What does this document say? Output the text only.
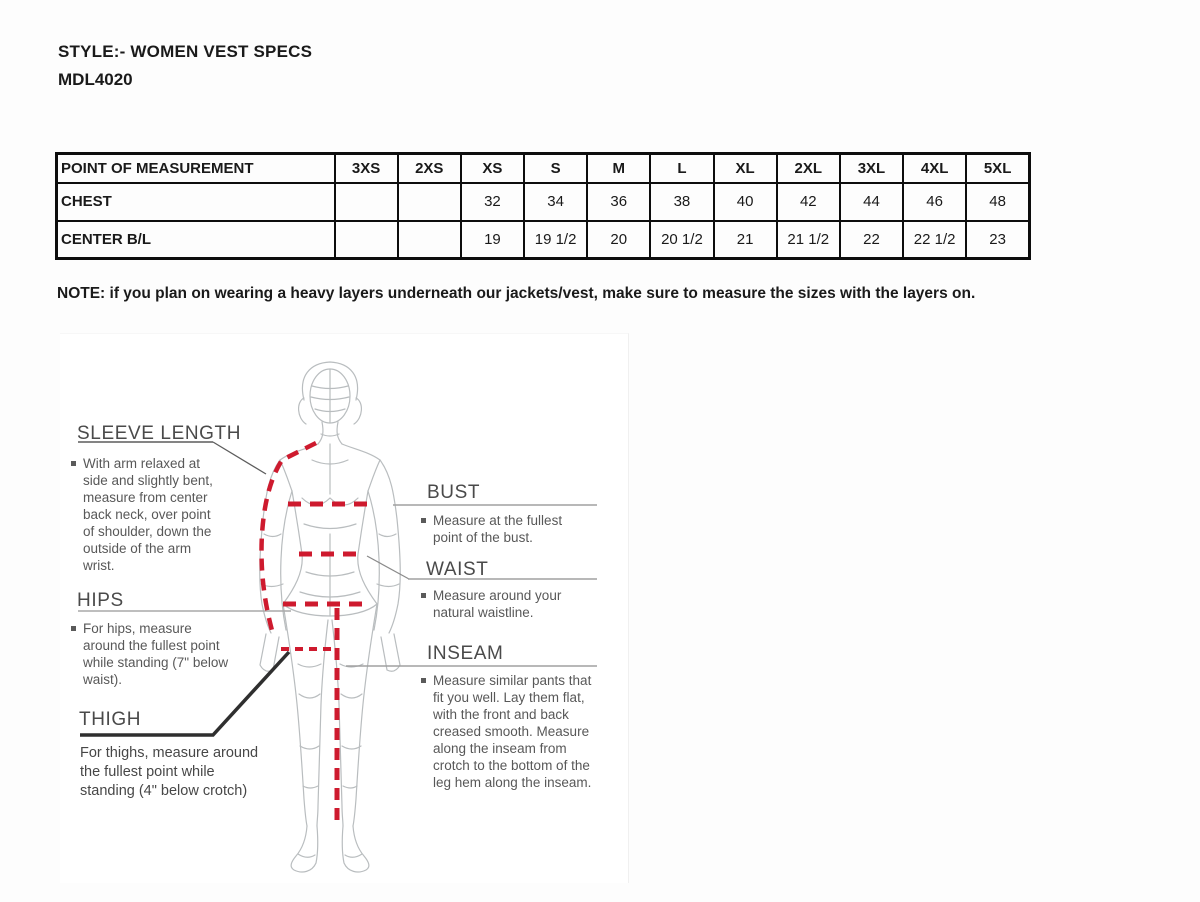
STYLE:- WOMEN VEST SPECS
MDL4020
POINT OF MEASUREMENT	3XS	2XS	XS	S	M	L	XL	2XL	3XL	4XL	5XL
CHEST			32	34	36	38	40	42	44	46	48
CENTER B/L			19	19 1/2	20	20 1/2	21	21 1/2	22	22 1/2	23
NOTE: if you plan on wearing a heavy layers underneath our jackets/vest, make sure to measure the sizes with the layers on.
SLEEVE LENGTH
With arm relaxed at side and slightly bent, measure from center back neck, over point of shoulder, down the outside of the arm wrist.
HIPS
For hips, measure around the fullest point while standing (7" below waist).
THIGH
For thighs, measure around the fullest point while standing (4" below crotch)
BUST
Measure at the fullest point of the bust.
WAIST
Measure around your natural waistline.
INSEAM
Measure similar pants that fit you well. Lay them flat, with the front and back creased smooth. Measure along the inseam from crotch to the bottom of the leg hem along the inseam.
